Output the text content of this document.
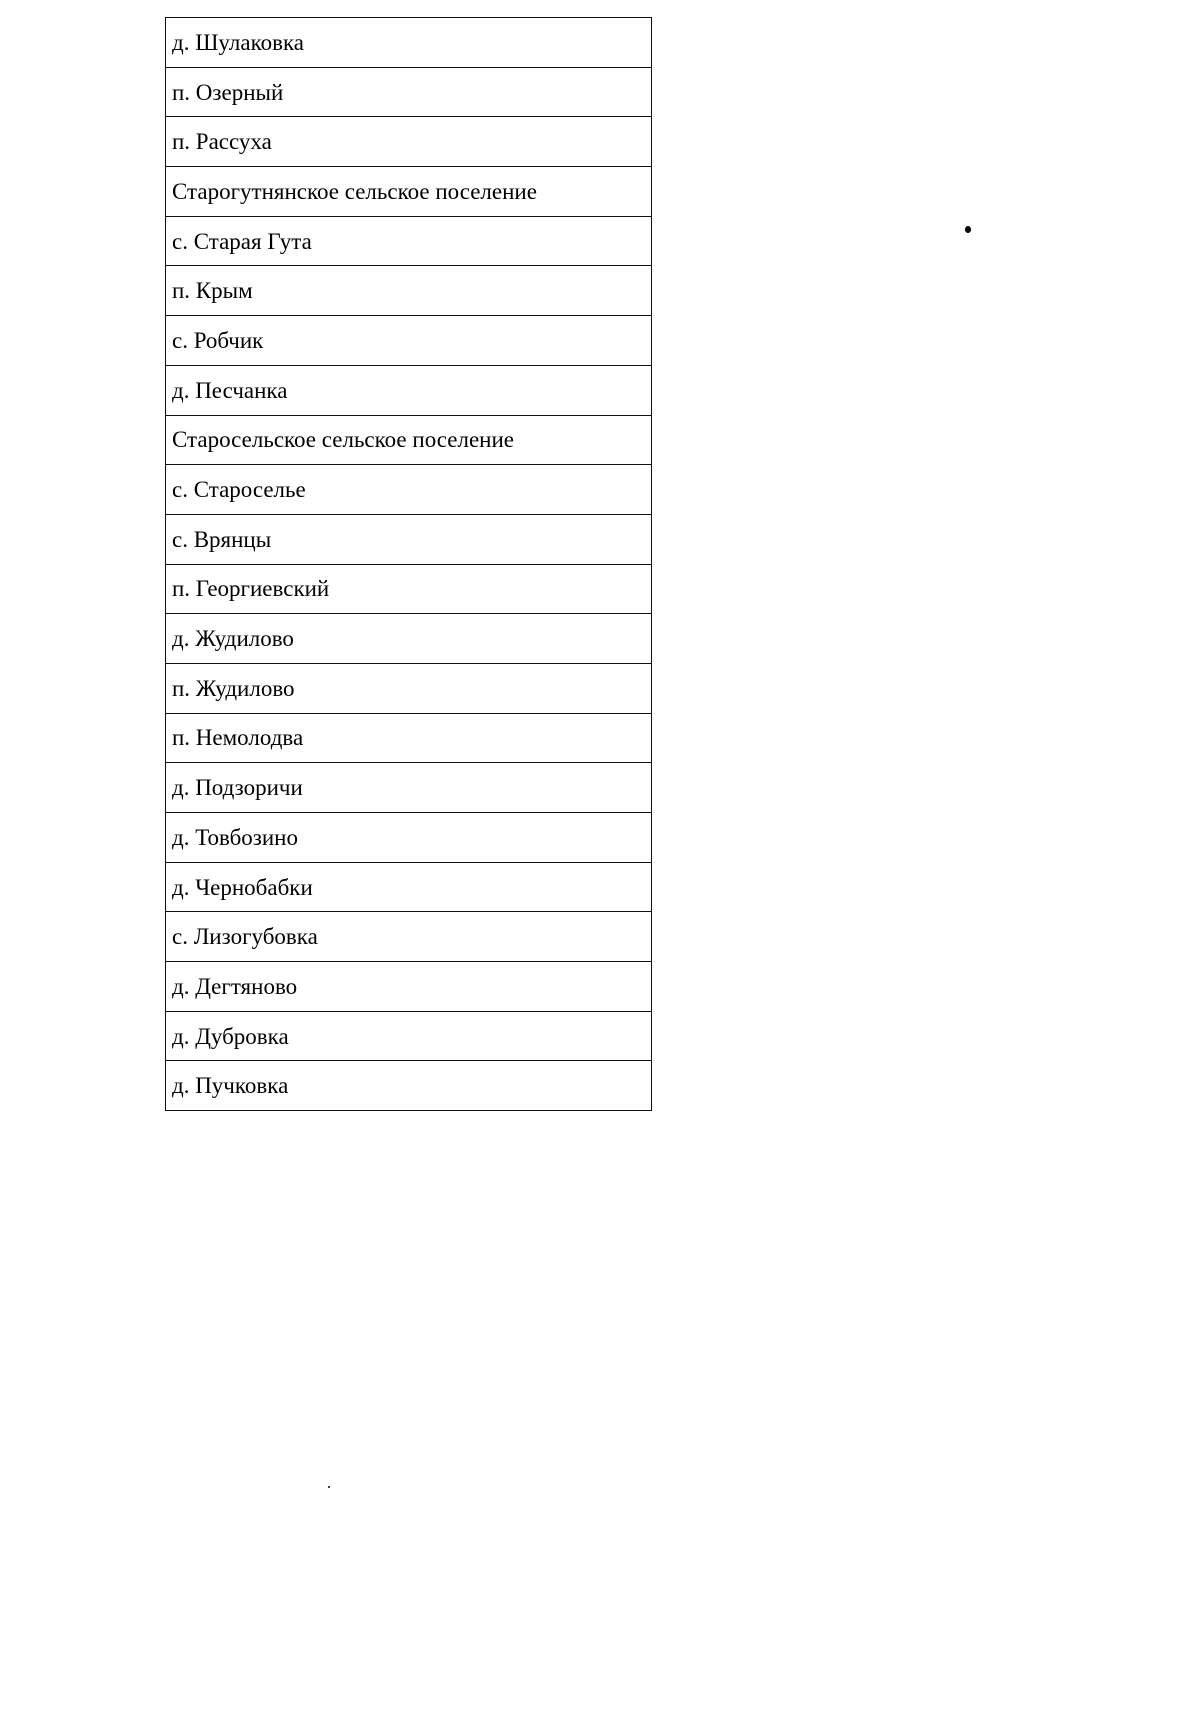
д. Шулаковка
п. Озерный
п. Рассуха
Старогутнянское сельское поселение
с. Старая Гута
п. Крым
с. Робчик
д. Песчанка
Старосельское сельское поселение
с. Староселье
с. Врянцы
п. Георгиевский
д. Жудилово
п. Жудилово
п. Немолодва
д. Подзоричи
д. Товбозино
д. Чернобабки
с. Лизогубовка
д. Дегтяново
д. Дубровка
д. Пучковка
